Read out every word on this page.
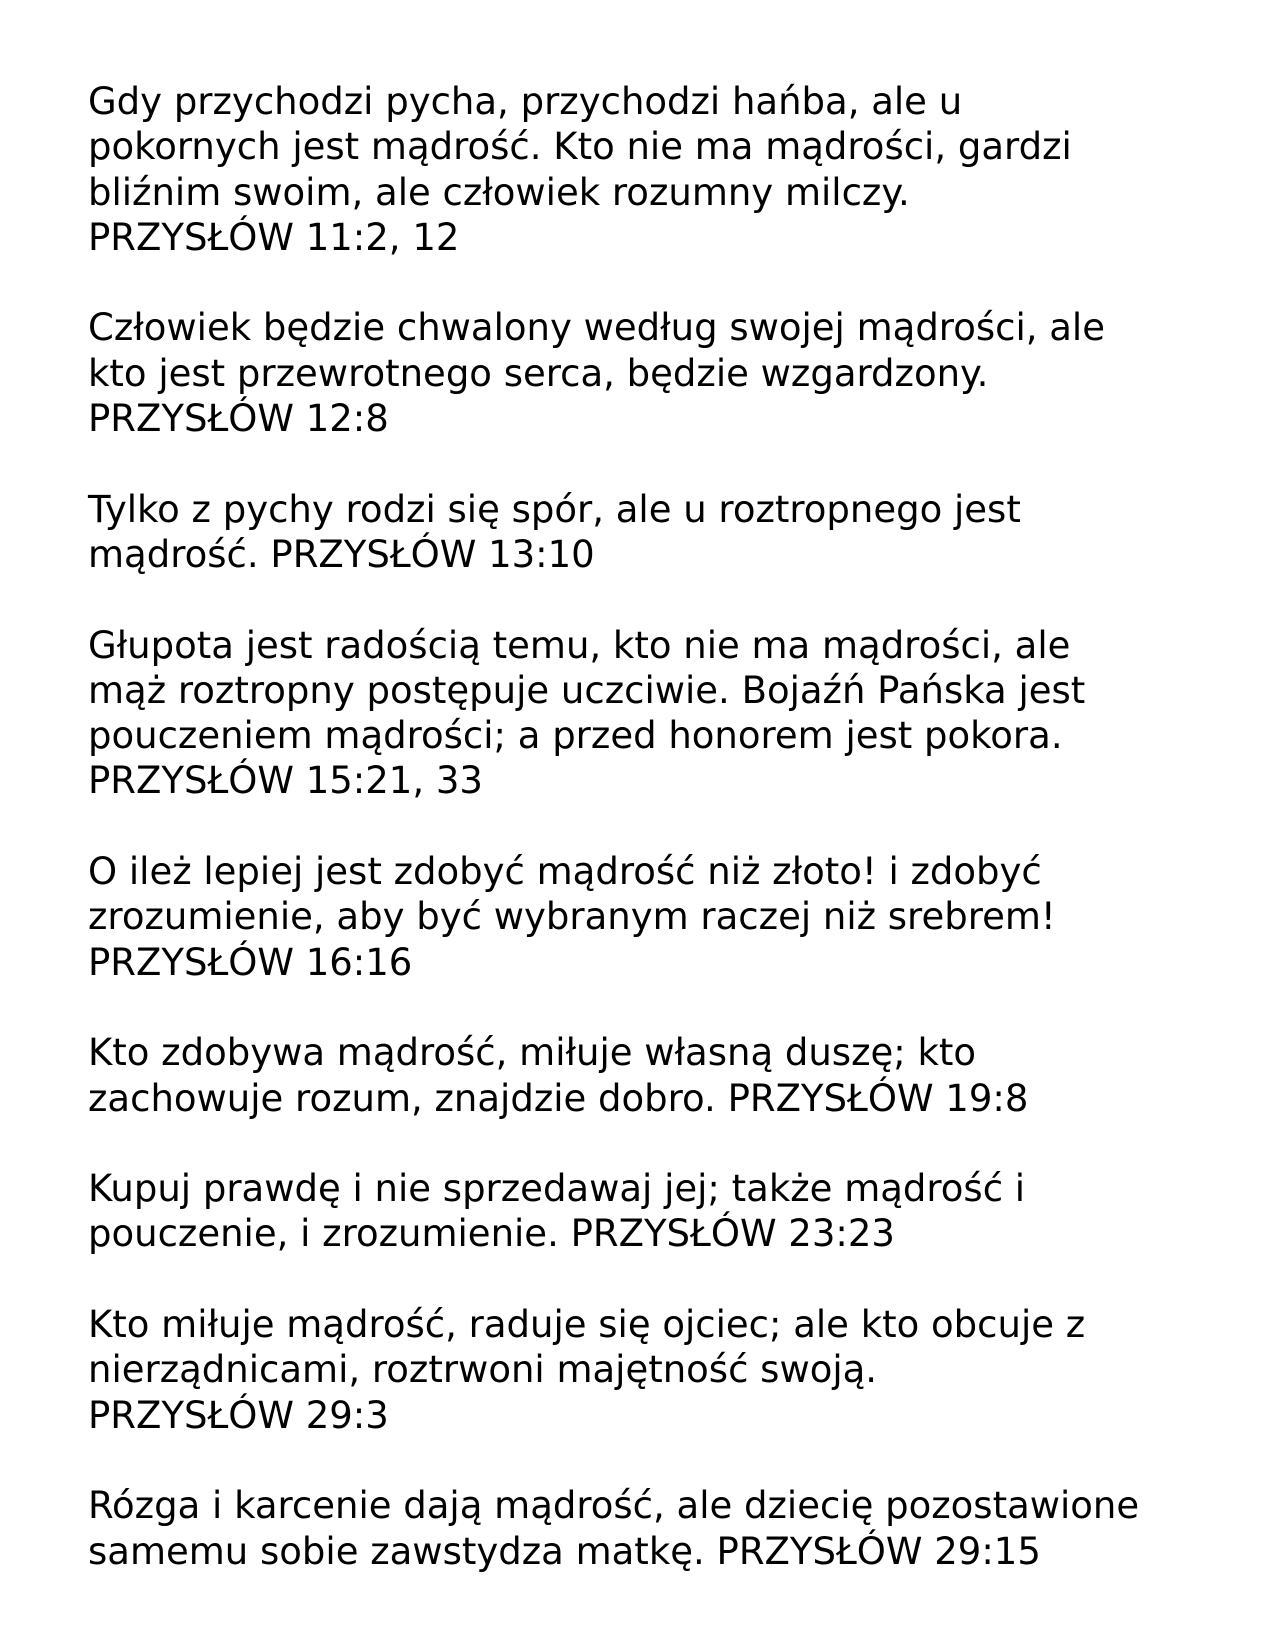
Gdy przychodzi pycha, przychodzi hańba, ale u
pokornych jest mądrość. Kto nie ma mądrości, gardzi
bliźnim swoim, ale człowiek rozumny milczy.
PRZYSŁÓW 11:2, 12
Człowiek będzie chwalony według swojej mądrości, ale
kto jest przewrotnego serca, będzie wzgardzony.
PRZYSŁÓW 12:8
Tylko z pychy rodzi się spór, ale u roztropnego jest
mądrość. PRZYSŁÓW 13:10
Głupota jest radością temu, kto nie ma mądrości, ale
mąż roztropny postępuje uczciwie. Bojaźń Pańska jest
pouczeniem mądrości; a przed honorem jest pokora.
PRZYSŁÓW 15:21, 33
O ileż lepiej jest zdobyć mądrość niż złoto! i zdobyć
zrozumienie, aby być wybranym raczej niż srebrem!
PRZYSŁÓW 16:16
Kto zdobywa mądrość, miłuje własną duszę; kto
zachowuje rozum, znajdzie dobro. PRZYSŁÓW 19:8
Kupuj prawdę i nie sprzedawaj jej; także mądrość i
pouczenie, i zrozumienie. PRZYSŁÓW 23:23
Kto miłuje mądrość, raduje się ojciec; ale kto obcuje z
nierządnicami, roztrwoni majętność swoją.
PRZYSŁÓW 29:3
Rózga i karcenie dają mądrość, ale dziecię pozostawione
samemu sobie zawstydza matkę. PRZYSŁÓW 29:15
